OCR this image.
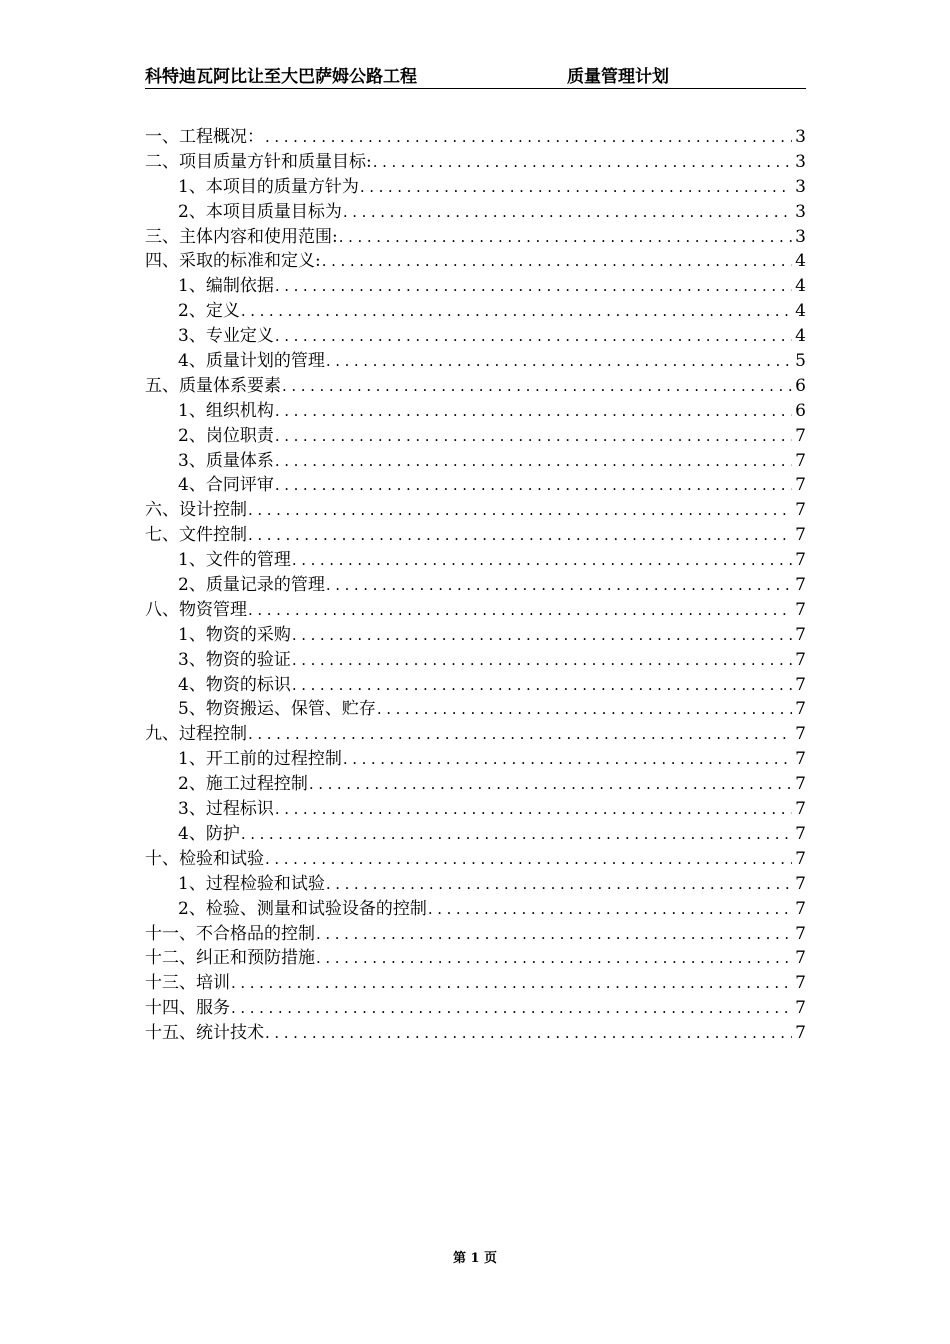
科特迪瓦阿比让至大巴萨姆公路工程	质量管理计划
一、工程概况： .....	3
二、项目质量方针和质量目标: .....	3
1、本项目的质量方针为 .....	3
2、本项目质量目标为 .....	3
三、主体内容和使用范围: .....	3
四、采取的标准和定义: .....	4
1、编制依据 .....	4
2、定义 .....	4
3、专业定义 .....	4
4、质量计划的管理 .....	5
五、质量体系要素 .....	6
1、组织机构 .....	6
2、岗位职责 .....	7
3、质量体系 .....	7
4、合同评审 .....	7
六、设计控制 .....	7
七、文件控制 .....	7
1、文件的管理 .....	7
2、质量记录的管理 .....	7
八、物资管理 .....	7
1、物资的采购 .....	7
3、物资的验证 .....	7
4、物资的标识 .....	7
5、物资搬运、保管、贮存 .....	7
九、过程控制 .....	7
1、开工前的过程控制 .....	7
2、施工过程控制 .....	7
3、过程标识 .....	7
4、防护 .....	7
十、检验和试验 .....	7
1、过程检验和试验 .....	7
2、检验、测量和试验设备的控制 .....	7
十一、不合格品的控制 .....	7
十二、纠正和预防措施 .....	7
十三、培训 .....	7
十四、服务 .....	7
十五、统计技术 .....	7
第 1 页
